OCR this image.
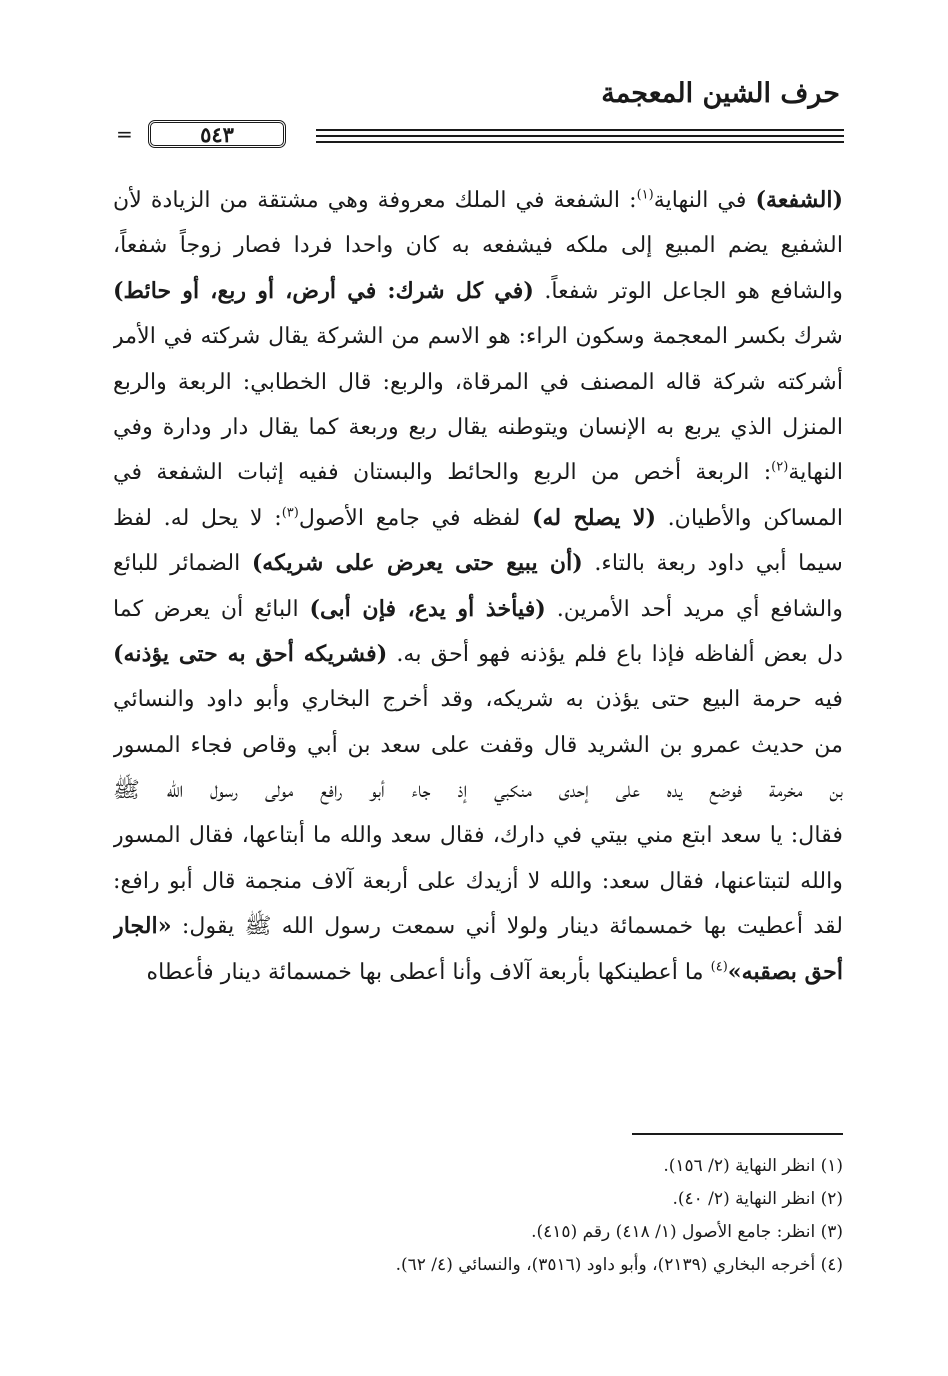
حرف الشين المعجمة
=	٥٤٣
(الشفعة) في النهاية$^{(١)}$: الشفعة في الملك معروفة وهي مشتقة من الزيادة لأن
الشفيع يضم المبيع إلى ملكه فيشفعه به كان واحدا فردا فصار زوجاً شفعاً،
والشافع هو الجاعل الوتر شفعاً. (في كل شرك: في أرض، أو ربع، أو حائط)
شرك بكسر المعجمة وسكون الراء: هو الاسم من الشركة يقال شركته في الأمر
أشركته شركة قاله المصنف في المرقاة، والربع: قال الخطابي: الربعة والربع
المنزل الذي يربع به الإنسان ويتوطنه يقال ربع وربعة كما يقال دار ودارة وفي
النهاية$^{(٢)}$: الربعة أخص من الربع والحائط والبستان ففيه إثبات الشفعة في
المساكن والأطيان. (لا يصلح له) لفظه في جامع الأصول$^{(٣)}$: لا يحل له. لفظ
سيما أبي داود ربعة بالتاء. (أن يبيع حتى يعرض على شريكه) الضمائر للبائع
والشافع أي مريد أحد الأمرين. (فيأخذ أو يدع، فإن أبى) البائع أن يعرض كما
دل بعض ألفاظه فإذا باع فلم يؤذنه فهو أحق به. (فشريكه أحق به حتى يؤذنه)
فيه حرمة البيع حتى يؤذن به شريكه، وقد أخرج البخاري وأبو داود والنسائي
من حديث عمرو بن الشريد قال وقفت على سعد بن أبي وقاص فجاء المسور
بن مخرمة فوضع يده على إحدى منكبي إذ جاء أبو رافع مولى رسول الله ﷺ
فقال: يا سعد ابتع مني بيتي في دارك، فقال سعد والله ما أبتاعها، فقال المسور
والله لتبتاعنها، فقال سعد: والله لا أزيدك على أربعة آلاف منجمة قال أبو رافع:
لقد أعطيت بها خمسمائة دينار ولولا أني سمعت رسول الله ﷺ يقول: «الجار
أحق بصقبه»$^{(٤)}$ ما أعطينكها بأربعة آلاف وأنا أعطى بها خمسمائة دينار فأعطاه
(١) انظر النهاية (٢/ ١٥٦).
(٢) انظر النهاية (٢/ ٤٠).
(٣) انظر: جامع الأصول (١/ ٤١٨) رقم (٤١٥).
(٤) أخرجه البخاري (٢١٣٩)، وأبو داود (٣٥١٦)، والنسائي (٤/ ٦٢).
